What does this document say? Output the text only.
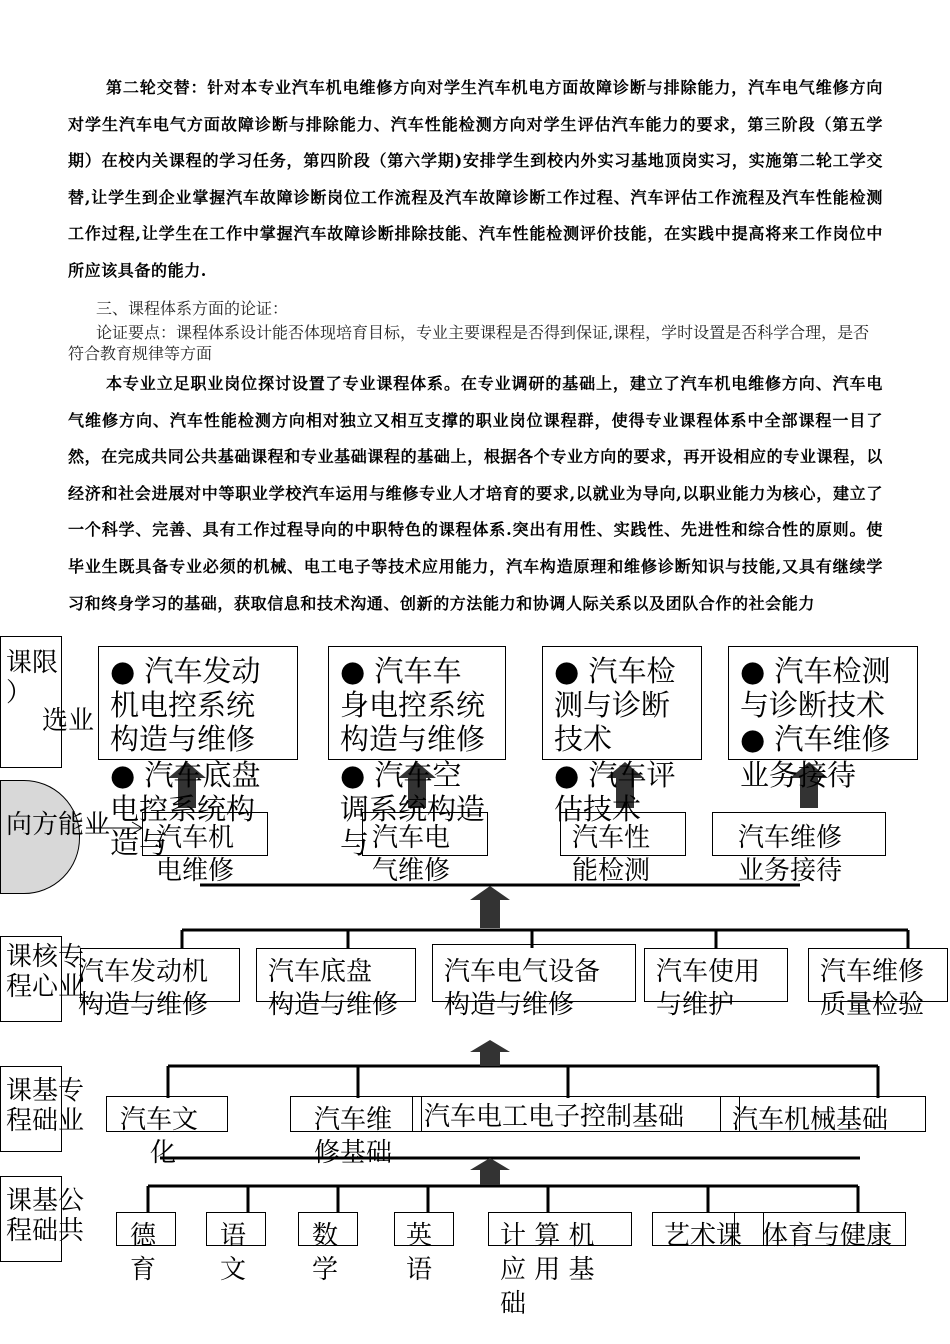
第二轮交替：针对本专业汽车机电维修方向对学生汽车机电方面故障诊断与排除能力，汽车电气维修方向对学生汽车电气方面故障诊断与排除能力、汽车性能检测方向对学生评估汽车能力的要求，第三阶段（第五学期）在校内关课程的学习任务，第四阶段（第六学期)安排学生到校内外实习基地顶岗实习，实施第二轮工学交替,让学生到企业掌握汽车故障诊断岗位工作流程及汽车故障诊断工作过程、汽车评估工作流程及汽车性能检测工作过程,让学生在工作中掌握汽车故障诊断排除技能、汽车性能检测评价技能，在实践中提高将来工作岗位中所应该具备的能力.
三、课程体系方面的论证：
论证要点：课程体系设计能否体现培育目标，专业主要课程是否得到保证,课程，学时设置是否科学合理，是否符合教育规律等方面
本专业立足职业岗位探讨设置了专业课程体系。在专业调研的基础上，建立了汽车机电维修方向、汽车电气维修方向、汽车性能检测方向相对独立又相互支撑的职业岗位课程群，使得专业课程体系中全部课程一目了然，在完成共同公共基础课程和专业基础课程的基础上，根据各个专业方向的要求，再开设相应的专业课程，以经济和社会进展对中等职业学校汽车运用与维修专业人才培育的要求,以就业为导向,以职业能力为核心，建立了一个科学、完善、具有工作过程导向的中职特色的课程体系.突出有用性、实践性、先进性和综合性的原则。使毕业生既具备专业必须的机械、电工电子等技术应用能力，汽车构造原理和维修诊断知识与技能,又具有继续学习和终身学习的基础，获取信息和技术沟通、创新的方法能力和协调人际关系以及团队合作的社会能力
课限
）
选业
向方能业
课核专
程心业
课基专
程础业
课基公
程础共
● 汽车发动
机电控系统
构造与维修
● 汽车底盘
电控系统构
造与
● 汽车车
身电控系统
构造与维修
● 汽车空
调系统构造
与
● 汽车检
测与诊断
技术
● 汽车评
估技术
● 汽车检测
与诊断技术
● 汽车维修
业务接待
汽车机
电维修
汽车电
气维修
汽车性
能检测
汽车维修
业务接待
汽车发动机
构造与维修
汽车底盘
构造与维修
汽车电气设备
构造与维修
汽车使用
与维护
汽车维修
质量检验
汽车文
化
汽车维
修基础
汽车电工电子控制基础 汽车机械基础
德
育
语
文
数
学
英
语
计 算 机
应 用 基
础
艺术课 体育与健康
